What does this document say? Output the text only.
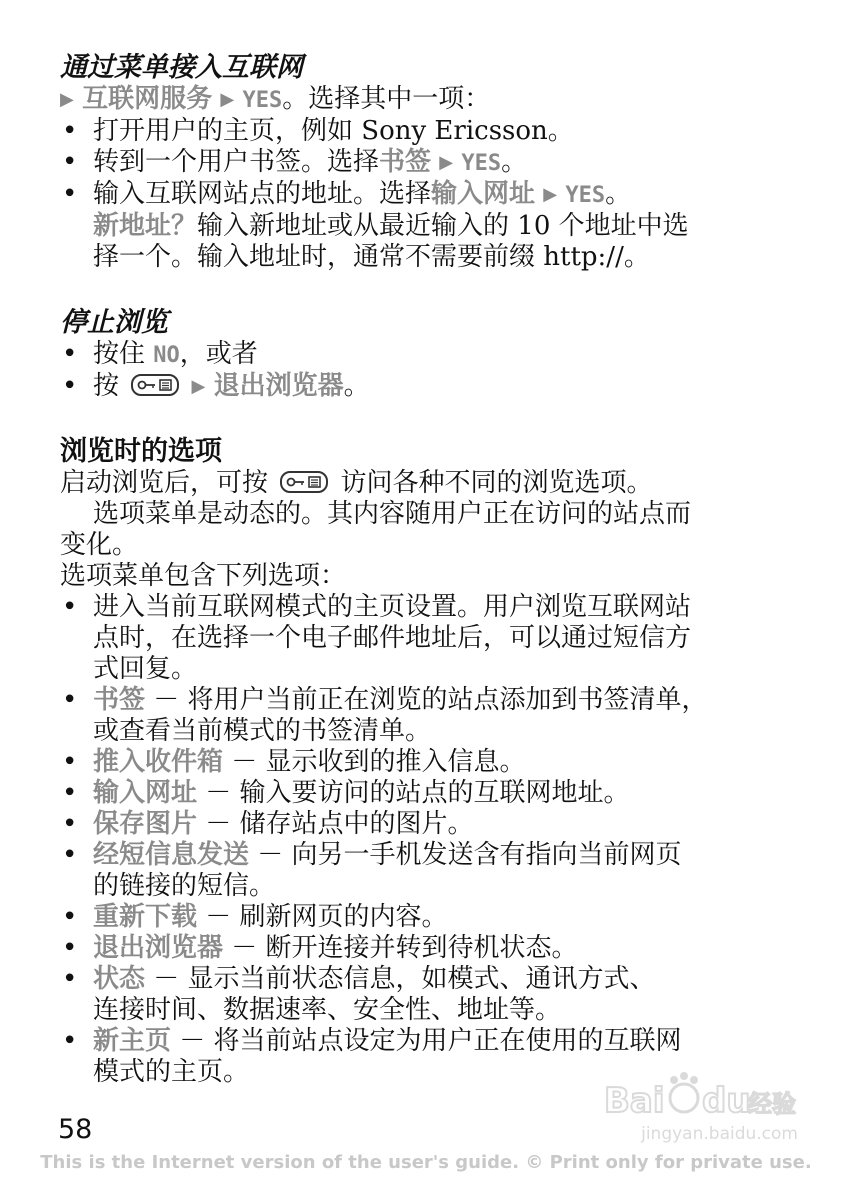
通过菜单接入互联网

▶ 互联网服务 ▶ YES。选择其中一项：

• 打开用户的主页，例如 Sony Ericsson。
• 转到一个用户书签。选择书签 ▶ YES。
• 输入互联网站点的地址。选择输入网址 ▶ YES。
新地址？输入新地址或从最近输入的 10 个地址中选
择一个。输入地址时，通常不需要前缀 http://。
停止浏览
• 按住 NO，或者
• 按	▶ 退出浏览器。
浏览时的选项

启动浏览后，可按	访问各种不同的浏览选项。

选项菜单是动态的。其内容随用户正在访问的站点而

变化。

选项菜单包含下列选项：

• 进入当前互联网模式的主页设置。用户浏览互联网站
点时，在选择一个电子邮件地址后，可以通过短信方
式回复。
• 书签 － 将用户当前正在浏览的站点添加到书签清单，
或查看当前模式的书签清单。
• 推入收件箱 － 显示收到的推入信息。
• 输入网址 － 输入要访问的站点的互联网地址。
• 保存图片 － 储存站点中的图片。
• 经短信息发送 － 向另一手机发送含有指向当前网页
的链接的短信。
• 重新下载 － 刷新网页的内容。
• 退出浏览器 － 断开连接并转到待机状态。
• 状态 － 显示当前状态信息，如模式、通讯方式、
连接时间、数据速率、安全性、地址等。
• 新主页 － 将当前站点设定为用户正在使用的互联网
模式的主页。
58
Bai du
经验
jingyan.baidu.com
This is the Internet version of the user's guide. © Print only for private use.
